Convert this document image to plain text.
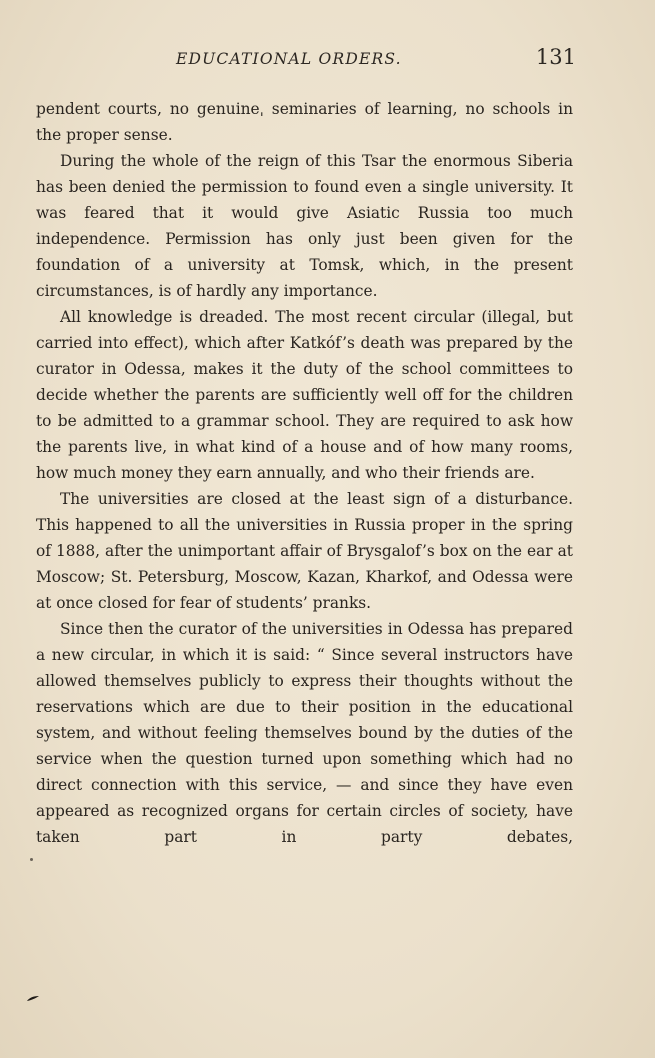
EDUCATIONAL ORDERS.	131

pendent courts, no genuineˌ seminaries of learning, no schools in the proper sense.

During the whole of the reign of this Tsar the enormous Siberia has been denied the permission to found even a single university. It was feared that it would give Asiatic Russia too much independence. Permission has only just been given for the foundation of a university at Tomsk, which, in the present circumstances, is of hardly any importance.

All knowledge is dreaded. The most recent circular (illegal, but carried into effect), which after Katkóf’s death was prepared by the curator in Odessa, makes it the duty of the school committees to decide whether the parents are sufficiently well off for the children to be admitted to a grammar school. They are required to ask how the parents live, in what kind of a house and of how many rooms, how much money they earn annually, and who their friends are.

The universities are closed at the least sign of a disturbance. This happened to all the universities in Russia proper in the spring of 1888, after the unimportant affair of Brysgalof’s box on the ear at Moscow; St. Petersburg, Moscow, Kazan, Kharkof, and Odessa were at once closed for fear of students’ pranks.

Since then the curator of the universities in Odessa has prepared a new circular, in which it is said: “ Since several instructors have allowed themselves publicly to express their thoughts without the reservations which are due to their position in the educational system, and without feeling themselves bound by the duties of the service when the question turned upon something which had no direct connection with this service, — and since they have even appeared as recognized organs for certain circles of society, have taken part in party debates,
